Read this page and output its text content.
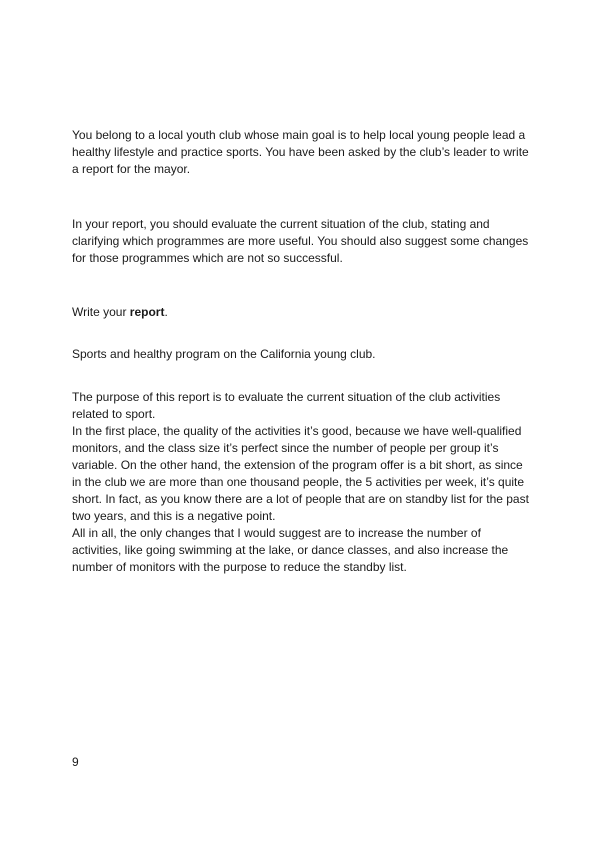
You belong to a local youth club whose main goal is to help local young people lead a healthy lifestyle and practice sports. You have been asked by the club’s leader to write a report for the mayor.

In your report, you should evaluate the current situation of the club, stating and clarifying which programmes are more useful. You should also suggest some changes for those programmes which are not so successful.

Write your report.

Sports and healthy program on the California young club.

The purpose of this report is to evaluate the current situation of the club activities related to sport.

In the first place, the quality of the activities it’s good, because we have well-qualified monitors, and the class size it’s perfect since the number of people per group it’s variable. On the other hand, the extension of the program offer is a bit short, as since in the club we are more than one thousand people, the 5 activities per week, it’s quite short. In fact, as you know there are a lot of people that are on standby list for the past two years, and this is a negative point.

All in all, the only changes that I would suggest are to increase the number of activities, like going swimming at the lake, or dance classes, and also increase the number of monitors with the purpose to reduce the standby list.

9
